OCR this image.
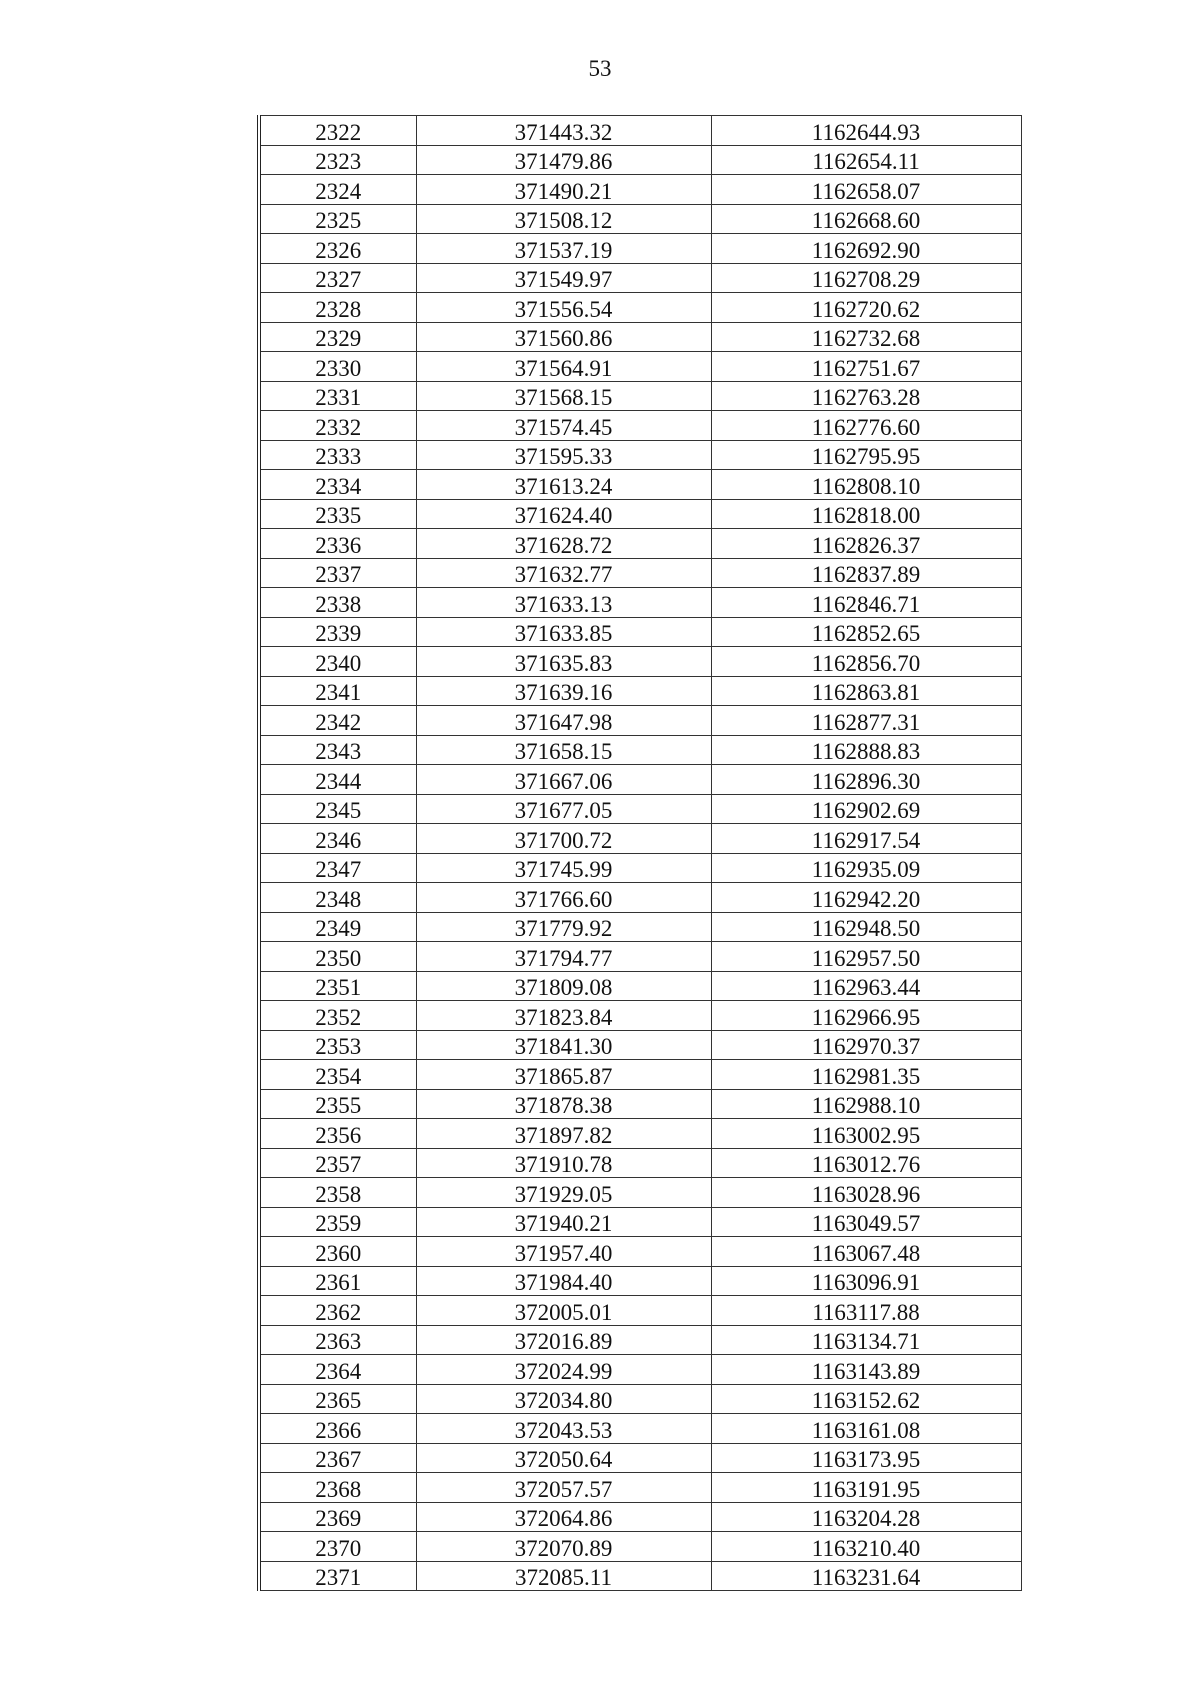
53
2322	371443.32	1162644.93
2323	371479.86	1162654.11
2324	371490.21	1162658.07
2325	371508.12	1162668.60
2326	371537.19	1162692.90
2327	371549.97	1162708.29
2328	371556.54	1162720.62
2329	371560.86	1162732.68
2330	371564.91	1162751.67
2331	371568.15	1162763.28
2332	371574.45	1162776.60
2333	371595.33	1162795.95
2334	371613.24	1162808.10
2335	371624.40	1162818.00
2336	371628.72	1162826.37
2337	371632.77	1162837.89
2338	371633.13	1162846.71
2339	371633.85	1162852.65
2340	371635.83	1162856.70
2341	371639.16	1162863.81
2342	371647.98	1162877.31
2343	371658.15	1162888.83
2344	371667.06	1162896.30
2345	371677.05	1162902.69
2346	371700.72	1162917.54
2347	371745.99	1162935.09
2348	371766.60	1162942.20
2349	371779.92	1162948.50
2350	371794.77	1162957.50
2351	371809.08	1162963.44
2352	371823.84	1162966.95
2353	371841.30	1162970.37
2354	371865.87	1162981.35
2355	371878.38	1162988.10
2356	371897.82	1163002.95
2357	371910.78	1163012.76
2358	371929.05	1163028.96
2359	371940.21	1163049.57
2360	371957.40	1163067.48
2361	371984.40	1163096.91
2362	372005.01	1163117.88
2363	372016.89	1163134.71
2364	372024.99	1163143.89
2365	372034.80	1163152.62
2366	372043.53	1163161.08
2367	372050.64	1163173.95
2368	372057.57	1163191.95
2369	372064.86	1163204.28
2370	372070.89	1163210.40
2371	372085.11	1163231.64
